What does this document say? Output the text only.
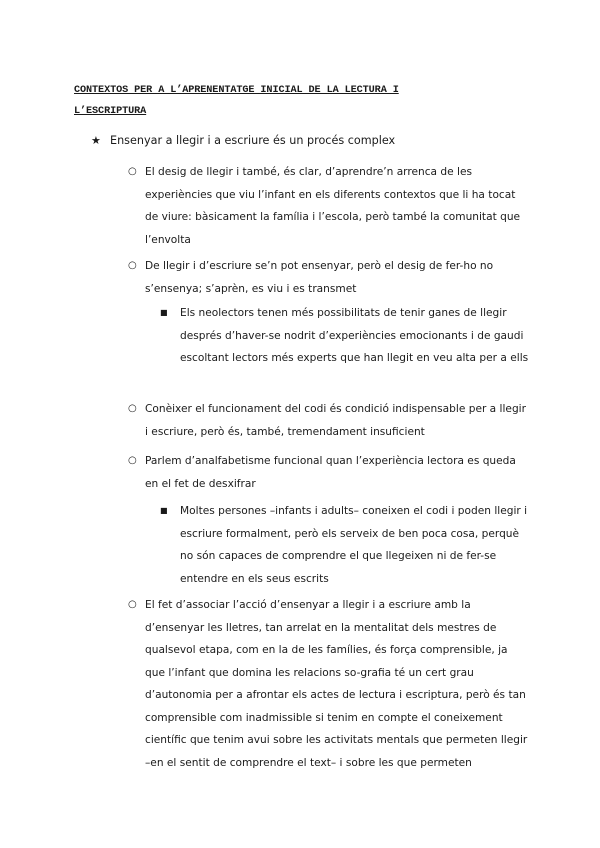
CONTEXTOS PER A L’APRENENTATGE INICIAL DE LA LECTURA I L’ESCRIPTURA
★ Ensenyar a llegir i a escriure és un procés complex
○ El desig de llegir i també, és clar, d’aprendre’n arrenca de les experiències que viu l’infant en els diferents contextos que li ha tocat de viure: bàsicament la família i l’escola, però també la comunitat que l’envolta
○ De llegir i d’escriure se’n pot ensenyar, però el desig de fer-ho no s’ensenya; s’aprèn, es viu i es transmet
■ Els neolectors tenen més possibilitats de tenir ganes de llegir després d’haver-se nodrit d’experiències emocionants i de gaudi escoltant lectors més experts que han llegit en veu alta per a ells
○ Conèixer el funcionament del codi és condició indispensable per a llegir i escriure, però és, també, tremendament insuficient
○ Parlem d’analfabetisme funcional quan l’experiència lectora es queda en el fet de desxifrar
■ Moltes persones –infants i adults– coneixen el codi i poden llegir i escriure formalment, però els serveix de ben poca cosa, perquè no són capaces de comprendre el que llegeixen ni de fer-se entendre en els seus escrits
○ El fet d’associar l’acció d’ensenyar a llegir i a escriure amb la d’ensenyar les lletres, tan arrelat en la mentalitat dels mestres de qualsevol etapa, com en la de les famílies, és força comprensible, ja que l’infant que domina les relacions so-grafia té un cert grau d’autonomia per a afrontar els actes de lectura i escriptura, però és tan comprensible com inadmissible si tenim en compte el coneixement científic que tenim avui sobre les activitats mentals que permeten llegir –en el sentit de comprendre el text– i sobre les que permeten
